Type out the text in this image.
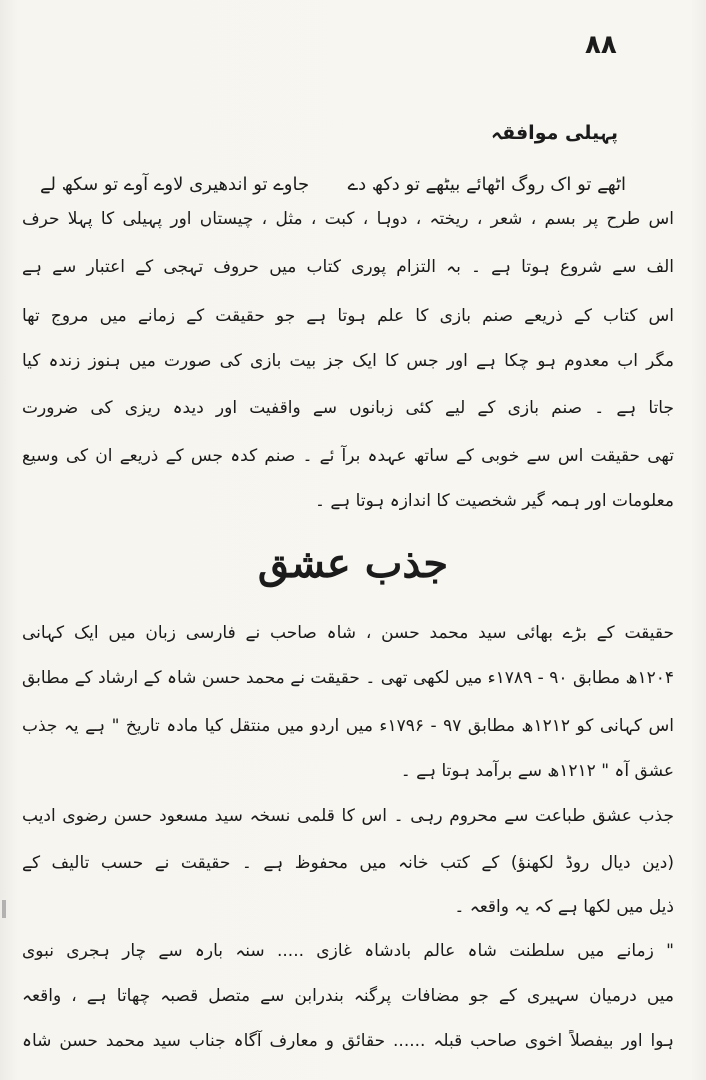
۸۸
پہیلی موافقہ
اٹھے تو اک روگ اٹھائے بیٹھے تو دکھ دے
جاوے تو اندھیری لاوے آوے تو سکھ لے
اس طرح پر بسم ، شعر ، ریختہ ، دوہا ، کبت ، مثل ، چیستاں اور پہیلی کا پہلا حرف
الف سے شروع ہوتا ہے ۔ بہ التزام پوری کتاب میں حروف تہجی کے اعتبار سے ہے
اس کتاب کے ذریعے صنم بازی کا علم ہوتا ہے جو حقیقت کے زمانے میں مروج تھا
مگر اب معدوم ہو چکا ہے اور جس کا ایک جز بیت بازی کی صورت میں ہنوز زندہ کیا
جاتا ہے ۔ صنم بازی کے لیے کئی زبانوں سے واقفیت اور دیدہ ریزی کی ضرورت
تھی حقیقت اس سے خوبی کے ساتھ عہدہ برآ ئے ۔ صنم کدہ جس کے ذریعے ان کی وسیع
معلومات اور ہمہ گیر شخصیت کا اندازہ ہوتا ہے ۔
جذب عشق
حقیقت کے بڑے بھائی سید محمد حسن ، شاہ صاحب نے فارسی زبان میں ایک کہانی
۱۲۰۴ھ مطابق ۹۰ - ۱۷۸۹ء میں لکھی تھی ۔ حقیقت نے محمد حسن شاہ کے ارشاد کے مطابق
اس کہانی کو ۱۲۱۲ھ مطابق ۹۷ - ۱۷۹۶ء میں اردو میں منتقل کیا مادہ تاریخ " ہے یہ جذب
عشق آہ " ۱۲۱۲ھ سے برآمد ہوتا ہے ۔
جذب عشق طباعت سے محروم رہی ۔ اس کا قلمی نسخہ سید مسعود حسن رضوی ادیب
(دین دیال روڈ لکھنؤ) کے کتب خانہ میں محفوظ ہے ۔ حقیقت نے حسب تالیف کے
ذیل میں لکھا ہے کہ یہ واقعہ ۔
" زمانے میں سلطنت شاہ عالم بادشاہ غازی ..... سنہ بارہ سے چار ہجری نبوی
میں درمیان سہیری کے جو مضافات پرگنہ بندرابن سے متصل قصبہ چھاتا ہے ، واقعہ
ہوا اور بیفصلاً اخوی صاحب قبلہ ...... حقائق و معارف آگاہ جناب سید محمد حسن شاہ
